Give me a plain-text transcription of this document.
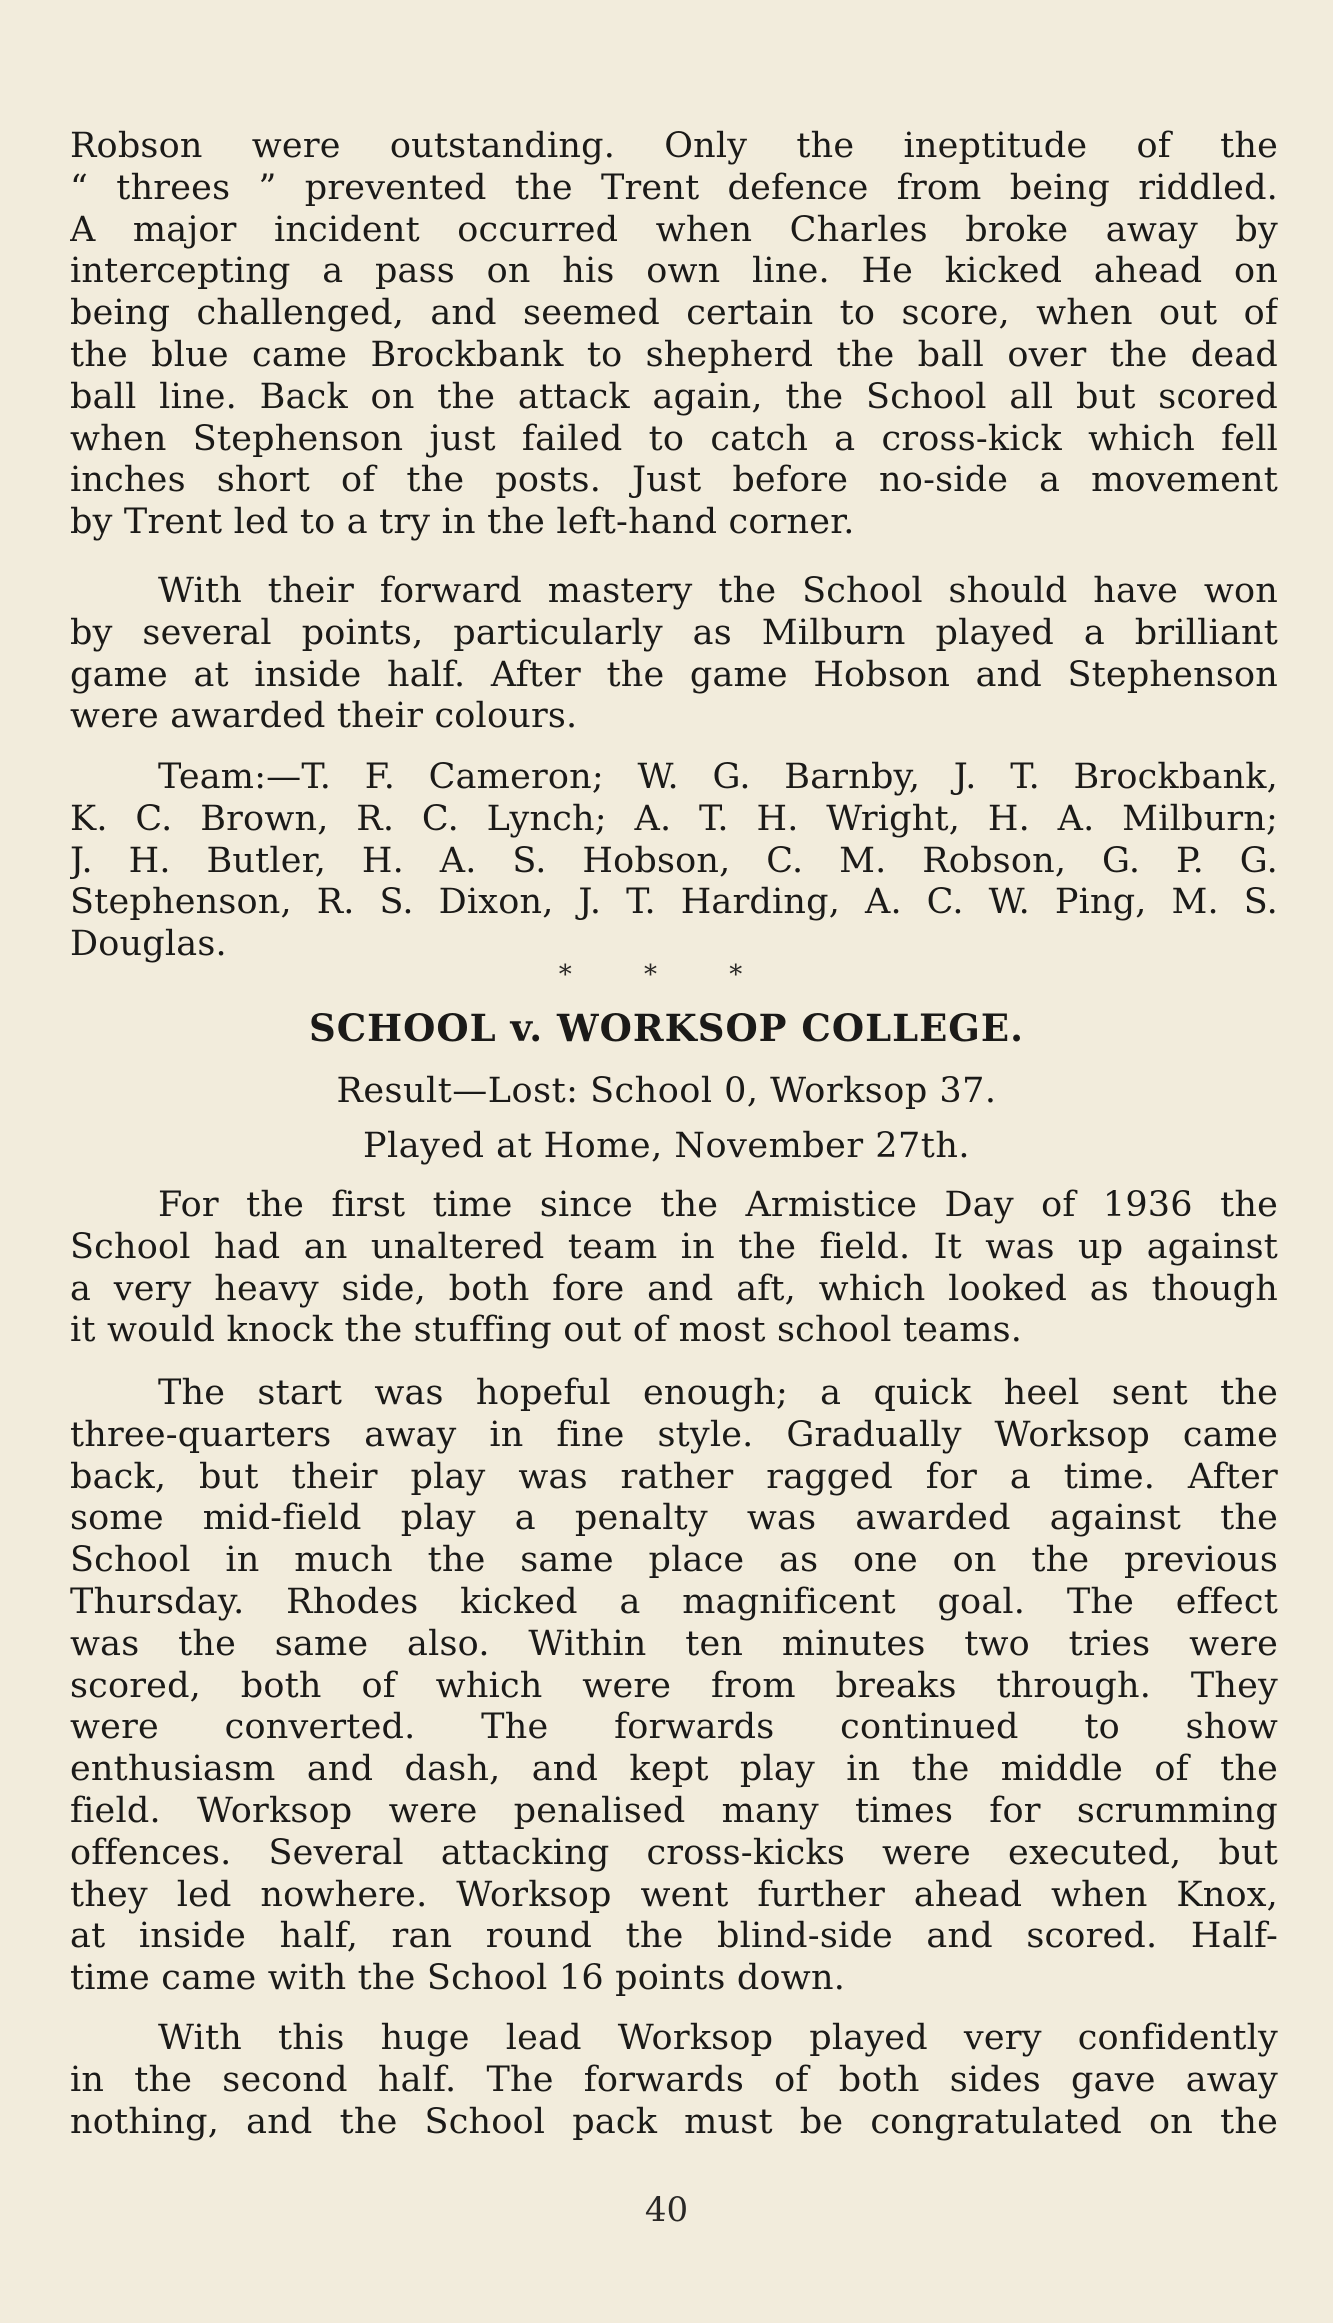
Robson were outstanding. Only the ineptitude of the
“ threes ” prevented the Trent defence from being riddled.
A major incident occurred when Charles broke away by
intercepting a pass on his own line. He kicked ahead on
being challenged, and seemed certain to score, when out of
the blue came Brockbank to shepherd the ball over the dead
ball line. Back on the attack again, the School all but scored
when Stephenson just failed to catch a cross-kick which fell
inches short of the posts. Just before no-side a movement
by Trent led to a try in the left-hand corner.
With their forward mastery the School should have won
by several points, particularly as Milburn played a brilliant
game at inside half. After the game Hobson and Stephenson
were awarded their colours.
Team:—T. F. Cameron; W. G. Barnby, J. T. Brockbank,
K. C. Brown, R. C. Lynch; A. T. H. Wright, H. A. Milburn;
J. H. Butler, H. A. S. Hobson, C. M. Robson, G. P. G.
Stephenson, R. S. Dixon, J. T. Harding, A. C. W. Ping, M. S.
Douglas.
* * *
SCHOOL v. WORKSOP COLLEGE.
Result—Lost: School 0, Worksop 37.
Played at Home, November 27th.
For the first time since the Armistice Day of 1936 the
School had an unaltered team in the field. It was up against
a very heavy side, both fore and aft, which looked as though
it would knock the stuffing out of most school teams.
The start was hopeful enough; a quick heel sent the
three-quarters away in fine style. Gradually Worksop came
back, but their play was rather ragged for a time. After
some mid-field play a penalty was awarded against the
School in much the same place as one on the previous
Thursday. Rhodes kicked a magnificent goal. The effect
was the same also. Within ten minutes two tries were
scored, both of which were from breaks through. They
were converted. The forwards continued to show
enthusiasm and dash, and kept play in the middle of the
field. Worksop were penalised many times for scrumming
offences. Several attacking cross-kicks were executed, but
they led nowhere. Worksop went further ahead when Knox,
at inside half, ran round the blind-side and scored. Half-
time came with the School 16 points down.
With this huge lead Worksop played very confidently
in the second half. The forwards of both sides gave away
nothing, and the School pack must be congratulated on the
40
